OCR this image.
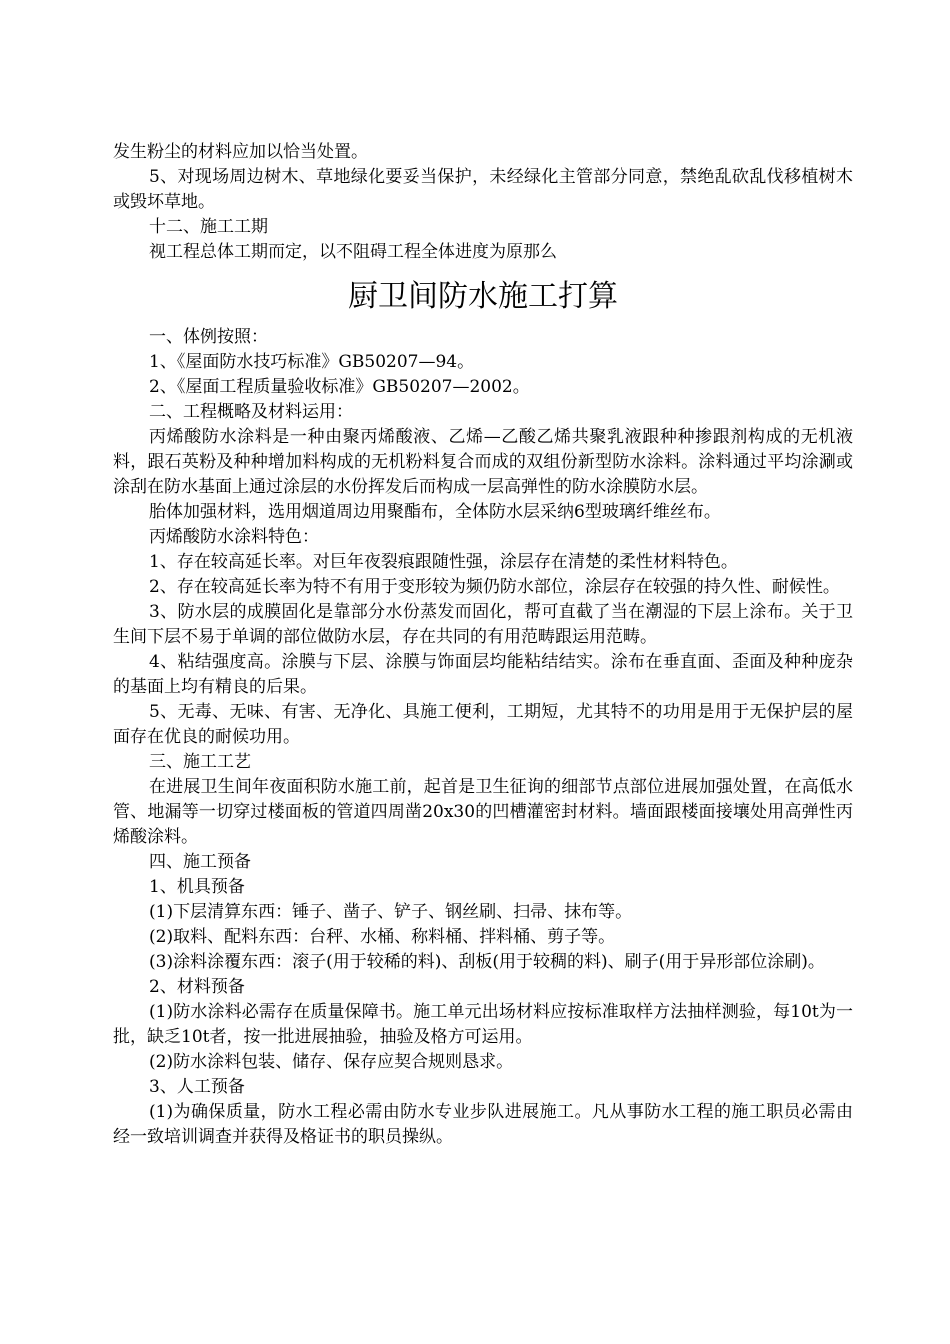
发生粉尘的材料应加以恰当处置。

5、对现场周边树木、草地绿化要妥当保护，未经绿化主管部分同意，禁绝乱砍乱伐移植树木或毁坏草地。

十二、施工工期

视工程总体工期而定，以不阻碍工程全体进度为原那么

厨卫间防水施工打算

一、体例按照：

1、《屋面防水技巧标准》GB50207—94。

2、《屋面工程质量验收标准》GB50207—2002。

二、工程概略及材料运用：

丙烯酸防水涂料是一种由聚丙烯酸液、乙烯—乙酸乙烯共聚乳液跟种种掺跟剂构成的无机液料，跟石英粉及种种增加料构成的无机粉料复合而成的双组份新型防水涂料。涂料通过平均涂涮或涂刮在防水基面上通过涂层的水份挥发后而构成一层高弹性的防水涂膜防水层。

胎体加强材料，选用烟道周边用聚酯布，全体防水层采纳6型玻璃纤维丝布。

丙烯酸防水涂料特色：

1、存在较高延长率。对巨年夜裂痕跟随性强，涂层存在清楚的柔性材料特色。

2、存在较高延长率为特不有用于变形较为频仍防水部位，涂层存在较强的持久性、耐候性。

3、防水层的成膜固化是靠部分水份蒸发而固化，帮可直截了当在潮湿的下层上涂布。关于卫生间下层不易于单调的部位做防水层，存在共同的有用范畴跟运用范畴。

4、粘结强度高。涂膜与下层、涂膜与饰面层均能粘结结实。涂布在垂直面、歪面及种种庞杂的基面上均有精良的后果。

5、无毒、无味、有害、无净化、具施工便利，工期短，尤其特不的功用是用于无保护层的屋面存在优良的耐候功用。

三、施工工艺

在进展卫生间年夜面积防水施工前，起首是卫生征询的细部节点部位进展加强处置，在高低水管、地漏等一切穿过楼面板的管道四周凿20x30的凹槽灌密封材料。墙面跟楼面接壤处用高弹性丙烯酸涂料。

四、施工预备

1、机具预备

(1)下层清算东西：锤子、凿子、铲子、钢丝刷、扫帚、抹布等。

(2)取料、配料东西：台秤、水桶、称料桶、拌料桶、剪子等。

(3)涂料涂覆东西：滚子(用于较稀的料)、刮板(用于较稠的料)、刷子(用于异形部位涂刷)。

2、材料预备

(1)防水涂料必需存在质量保障书。施工单元出场材料应按标准取样方法抽样测验，每10t为一批，缺乏10t者，按一批进展抽验，抽验及格方可运用。

(2)防水涂料包装、储存、保存应契合规则恳求。

3、人工预备

(1)为确保质量，防水工程必需由防水专业步队进展施工。凡从事防水工程的施工职员必需由经一致培训调查并获得及格证书的职员操纵。
